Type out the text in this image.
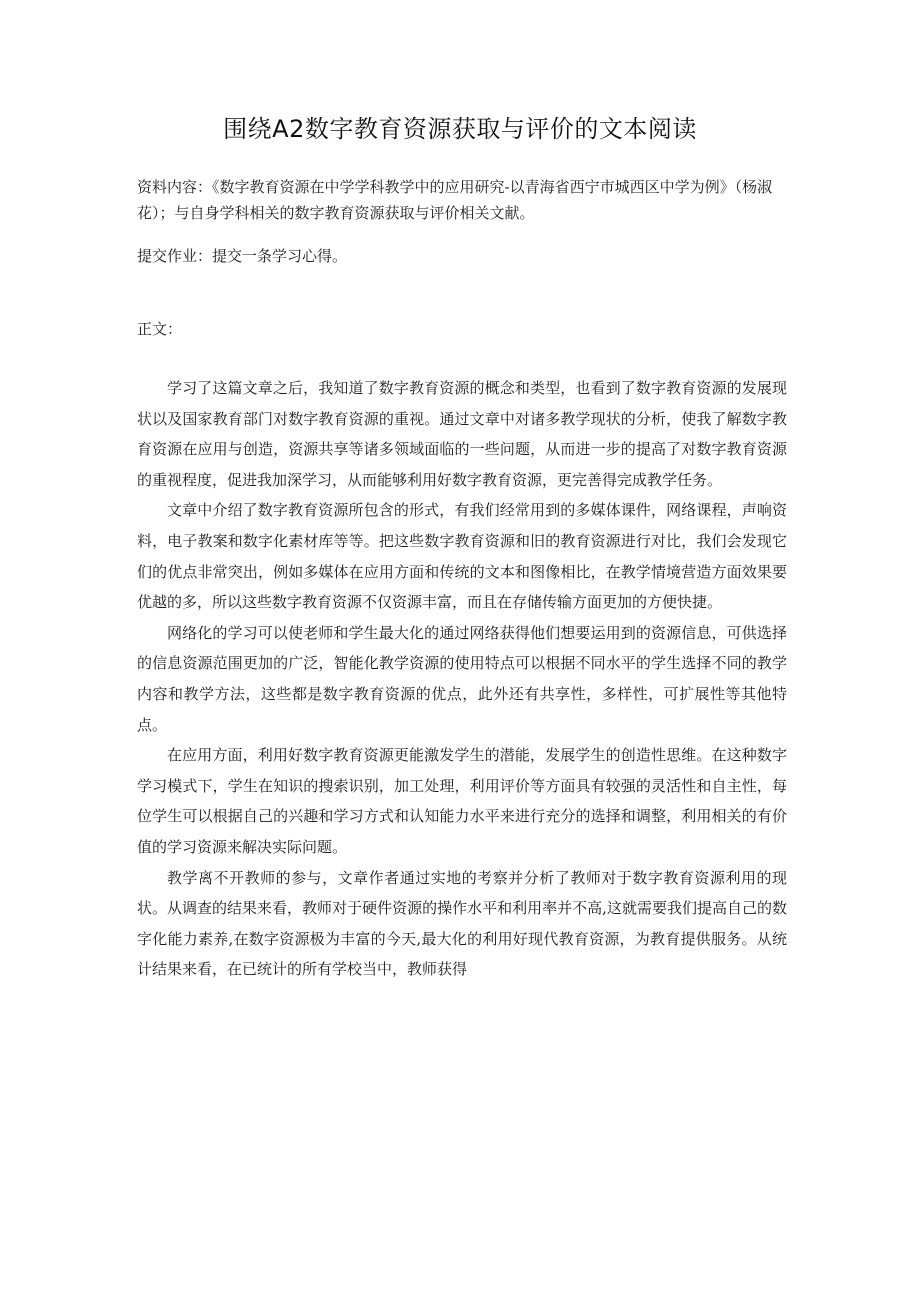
围绕A2数字教育资源获取与评价的文本阅读

资料内容：《数字教育资源在中学学科教学中的应用研究-以青海省西宁市城西区中学为例》（杨淑花）；与自身学科相关的数字教育资源获取与评价相关文献。

提交作业：提交一条学习心得。

正文：

学习了这篇文章之后，我知道了数字教育资源的概念和类型，也看到了数字教育资源的发展现状以及国家教育部门对数字教育资源的重视。通过文章中对诸多教学现状的分析，使我了解数字教育资源在应用与创造，资源共享等诸多领域面临的一些问题，从而进一步的提高了对数字教育资源的重视程度，促进我加深学习，从而能够利用好数字教育资源，更完善得完成教学任务。

文章中介绍了数字教育资源所包含的形式，有我们经常用到的多媒体课件，网络课程，声响资料，电子教案和数字化素材库等等。把这些数字教育资源和旧的教育资源进行对比，我们会发现它们的优点非常突出，例如多媒体在应用方面和传统的文本和图像相比，在教学情境营造方面效果要优越的多，所以这些数字教育资源不仅资源丰富，而且在存储传输方面更加的方便快捷。

网络化的学习可以使老师和学生最大化的通过网络获得他们想要运用到的资源信息，可供选择的信息资源范围更加的广泛，智能化教学资源的使用特点可以根据不同水平的学生选择不同的教学内容和教学方法，这些都是数字教育资源的优点，此外还有共享性，多样性，可扩展性等其他特点。

在应用方面，利用好数字教育资源更能激发学生的潜能，发展学生的创造性思维。在这种数字学习模式下，学生在知识的搜索识别，加工处理，利用评价等方面具有较强的灵活性和自主性，每位学生可以根据自己的兴趣和学习方式和认知能力水平来进行充分的选择和调整，利用相关的有价值的学习资源来解决实际问题。

教学离不开教师的参与，文章作者通过实地的考察并分析了教师对于数字教育资源利用的现状。从调查的结果来看，教师对于硬件资源的操作水平和利用率并不高,这就需要我们提高自己的数字化能力素养,在数字资源极为丰富的今天,最大化的利用好现代教育资源，为教育提供服务。从统计结果来看，在已统计的所有学校当中，教师获得
